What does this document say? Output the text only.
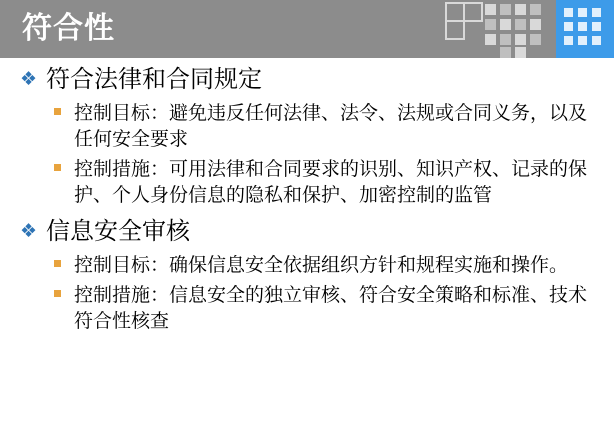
符合性
❖ 符合法律和合同规定
控制目标：避免违反任何法律、法令、法规或合同义务，以及任何安全要求
控制措施：可用法律和合同要求的识别、知识产权、记录的保护、个人身份信息的隐私和保护、加密控制的监管
❖ 信息安全审核
控制目标：确保信息安全依据组织方针和规程实施和操作。
控制措施：信息安全的独立审核、符合安全策略和标准、技术符合性核查
